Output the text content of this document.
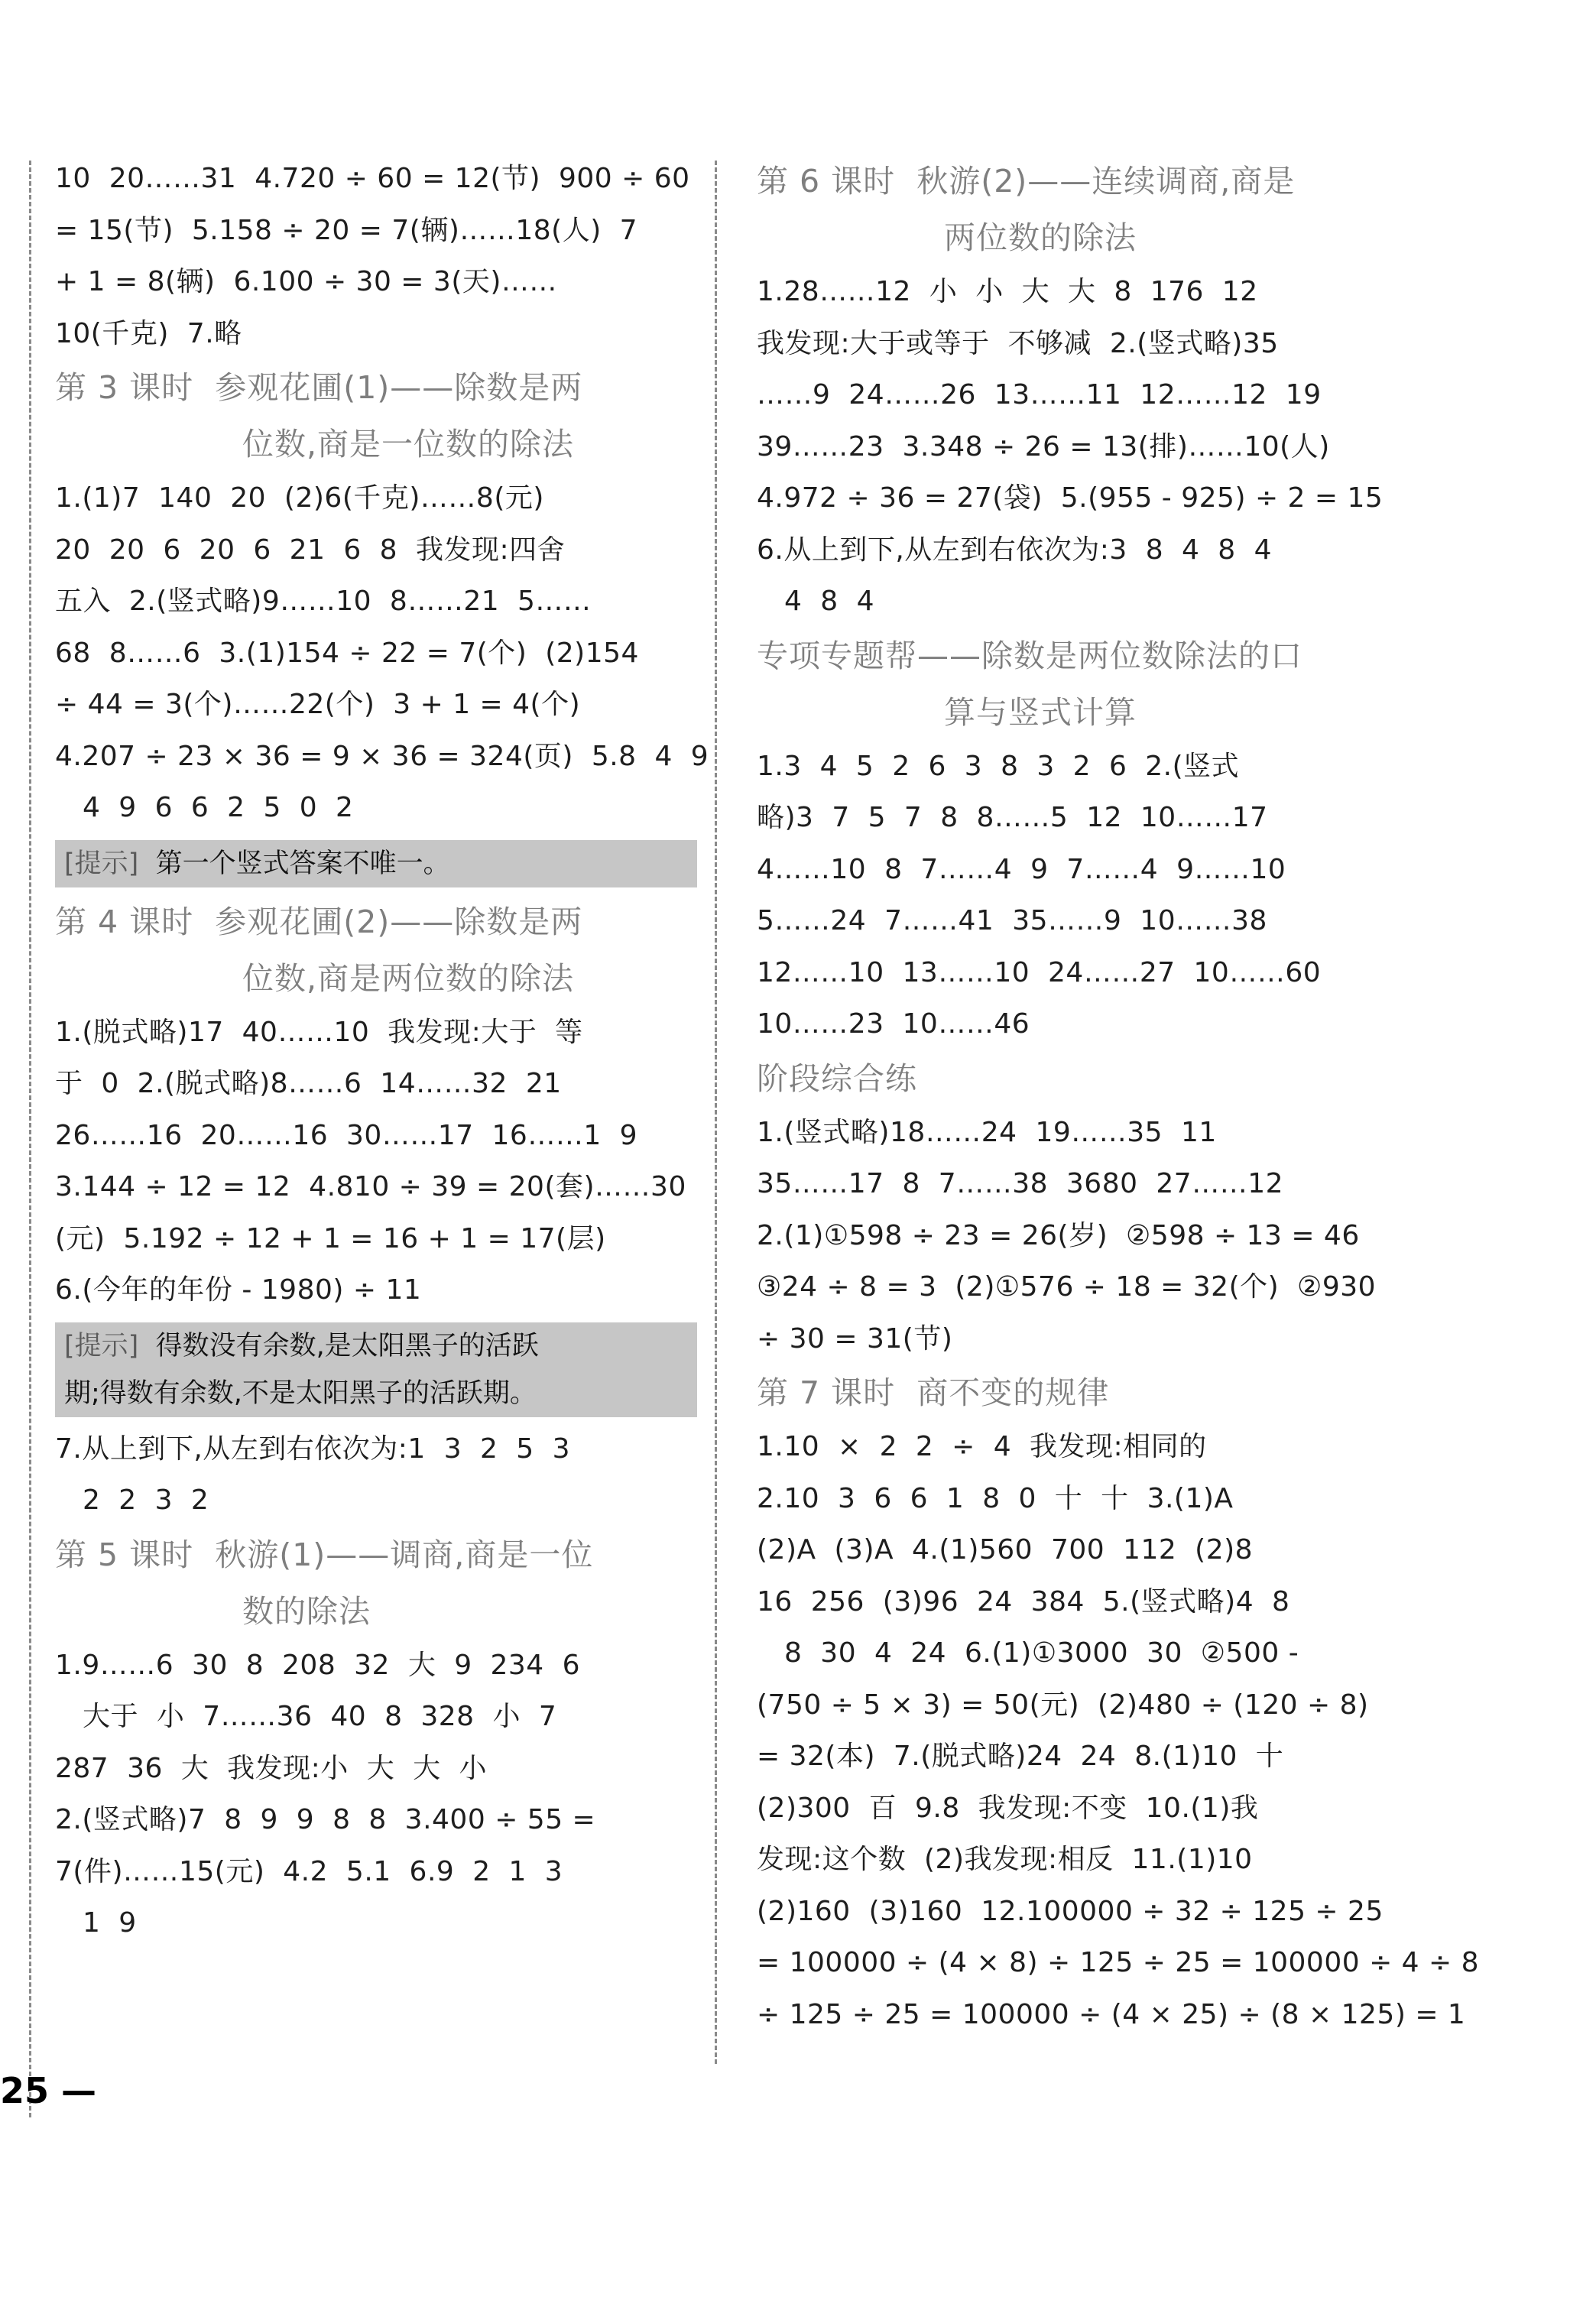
10  20……31  4.720 ÷ 60 = 12(节)  900 ÷ 60
= 15(节)  5.158 ÷ 20 = 7(辆)……18(人)  7
+ 1 = 8(辆)  6.100 ÷ 30 = 3(天)……
10(千克)  7.略
第 3 课时  参观花圃(1)——除数是两
位数,商是一位数的除法
1.(1)7  140  20  (2)6(千克)……8(元)
20  20  6  20  6  21  6  8  我发现:四舍
五入  2.(竖式略)9……10  8……21  5……
68  8……6  3.(1)154 ÷ 22 = 7(个)  (2)154
÷ 44 = 3(个)……22(个)  3 + 1 = 4(个)
4.207 ÷ 23 × 36 = 9 × 36 = 324(页)  5.8  4  9
4  9  6  6  2  5  0  2
[提示]  第一个竖式答案不唯一。
第 4 课时  参观花圃(2)——除数是两
位数,商是两位数的除法
1.(脱式略)17  40……10  我发现:大于  等
于  0  2.(脱式略)8……6  14……32  21
26……16  20……16  30……17  16……1  9
3.144 ÷ 12 = 12  4.810 ÷ 39 = 20(套)……30
(元)  5.192 ÷ 12 + 1 = 16 + 1 = 17(层)
6.(今年的年份 - 1980) ÷ 11
[提示]  得数没有余数,是太阳黑子的活跃
期;得数有余数,不是太阳黑子的活跃期。
7.从上到下,从左到右依次为:1  3  2  5  3
2  2  3  2
第 5 课时  秋游(1)——调商,商是一位
数的除法
1.9……6  30  8  208  32  大  9  234  6
大于  小  7……36  40  8  328  小  7
287  36  大  我发现:小  大  大  小
2.(竖式略)7  8  9  9  8  8  3.400 ÷ 55 =
7(件)……15(元)  4.2  5.1  6.9  2  1  3
1  9
第 6 课时  秋游(2)——连续调商,商是
两位数的除法
1.28……12  小  小  大  大  8  176  12
我发现:大于或等于  不够减  2.(竖式略)35
……9  24……26  13……11  12……12  19
39……23  3.348 ÷ 26 = 13(排)……10(人)
4.972 ÷ 36 = 27(袋)  5.(955 - 925) ÷ 2 = 15
6.从上到下,从左到右依次为:3  8  4  8  4
4  8  4
专项专题帮——除数是两位数除法的口
算与竖式计算
1.3  4  5  2  6  3  8  3  2  6  2.(竖式
略)3  7  5  7  8  8……5  12  10……17
4……10  8  7……4  9  7……4  9……10
5……24  7……41  35……9  10……38
12……10  13……10  24……27  10……60
10……23  10……46
阶段综合练
1.(竖式略)18……24  19……35  11
35……17  8  7……38  3680  27……12
2.(1)①598 ÷ 23 = 26(岁)  ②598 ÷ 13 = 46
③24 ÷ 8 = 3  (2)①576 ÷ 18 = 32(个)  ②930
÷ 30 = 31(节)
第 7 课时  商不变的规律
1.10  ×  2  2  ÷  4  我发现:相同的
2.10  3  6  6  1  8  0  十  十  3.(1)A
(2)A  (3)A  4.(1)560  700  112  (2)8
16  256  (3)96  24  384  5.(竖式略)4  8
8  30  4  24  6.(1)①3000  30  ②500 -
(750 ÷ 5 × 3) = 50(元)  (2)480 ÷ (120 ÷ 8)
= 32(本)  7.(脱式略)24  24  8.(1)10  十
(2)300  百  9.8  我发现:不变  10.(1)我
发现:这个数  (2)我发现:相反  11.(1)10
(2)160  (3)160  12.100000 ÷ 32 ÷ 125 ÷ 25
= 100000 ÷ (4 × 8) ÷ 125 ÷ 25 = 100000 ÷ 4 ÷ 8
÷ 125 ÷ 25 = 100000 ÷ (4 × 25) ÷ (8 × 125) = 1
25 —
